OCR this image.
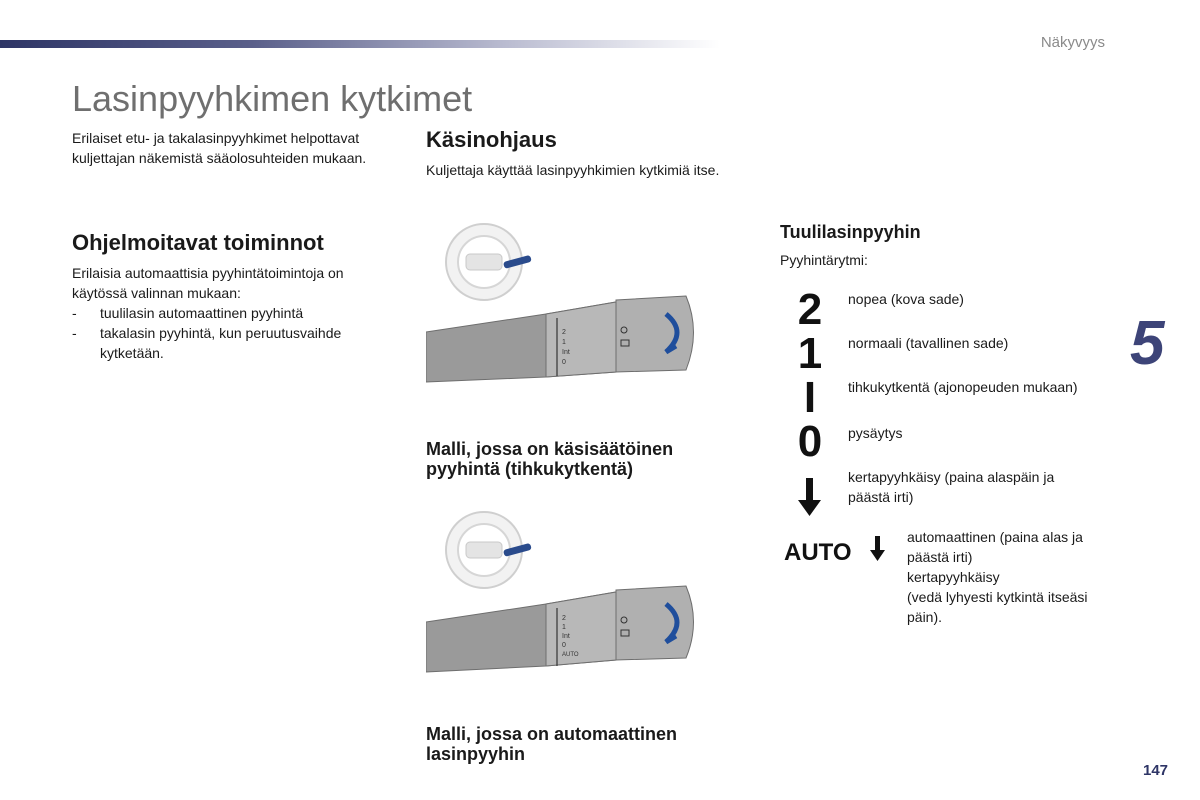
Näkyvyys
5
147
Lasinpyyhkimen kytkimet
Erilaiset etu- ja takalasinpyyhkimet helpottavat kuljettajan näkemistä sääolosuhteiden mukaan.
Ohjelmoitavat toiminnot
Erilaisia automaattisia pyyhintätoimintoja on käytössä valinnan mukaan:
- tuulilasin automaattinen pyyhintä
- takalasin pyyhintä, kun peruutusvaihde kytketään.
Käsinohjaus
Kuljettaja käyttää lasinpyyhkimien kytkimiä itse.
2
1
Int
0
Malli, jossa on käsisäätöinen pyyhintä (tihkukytkentä)
2
1
Int
0
AUTO
Malli, jossa on automaattinen lasinpyyhin
Tuulilasinpyyhin
Pyyhintärytmi:
2 nopea (kova sade)
1 normaali (tavallinen sade)
I tihkukytkentä (ajonopeuden mukaan)
0 pysäytys
kertapyyhkäisy (paina alaspäin ja päästä irti)
AUTO
automaattinen (paina alas ja päästä irti)
kertapyyhkäisy
(vedä lyhyesti kytkintä itseäsi päin).
